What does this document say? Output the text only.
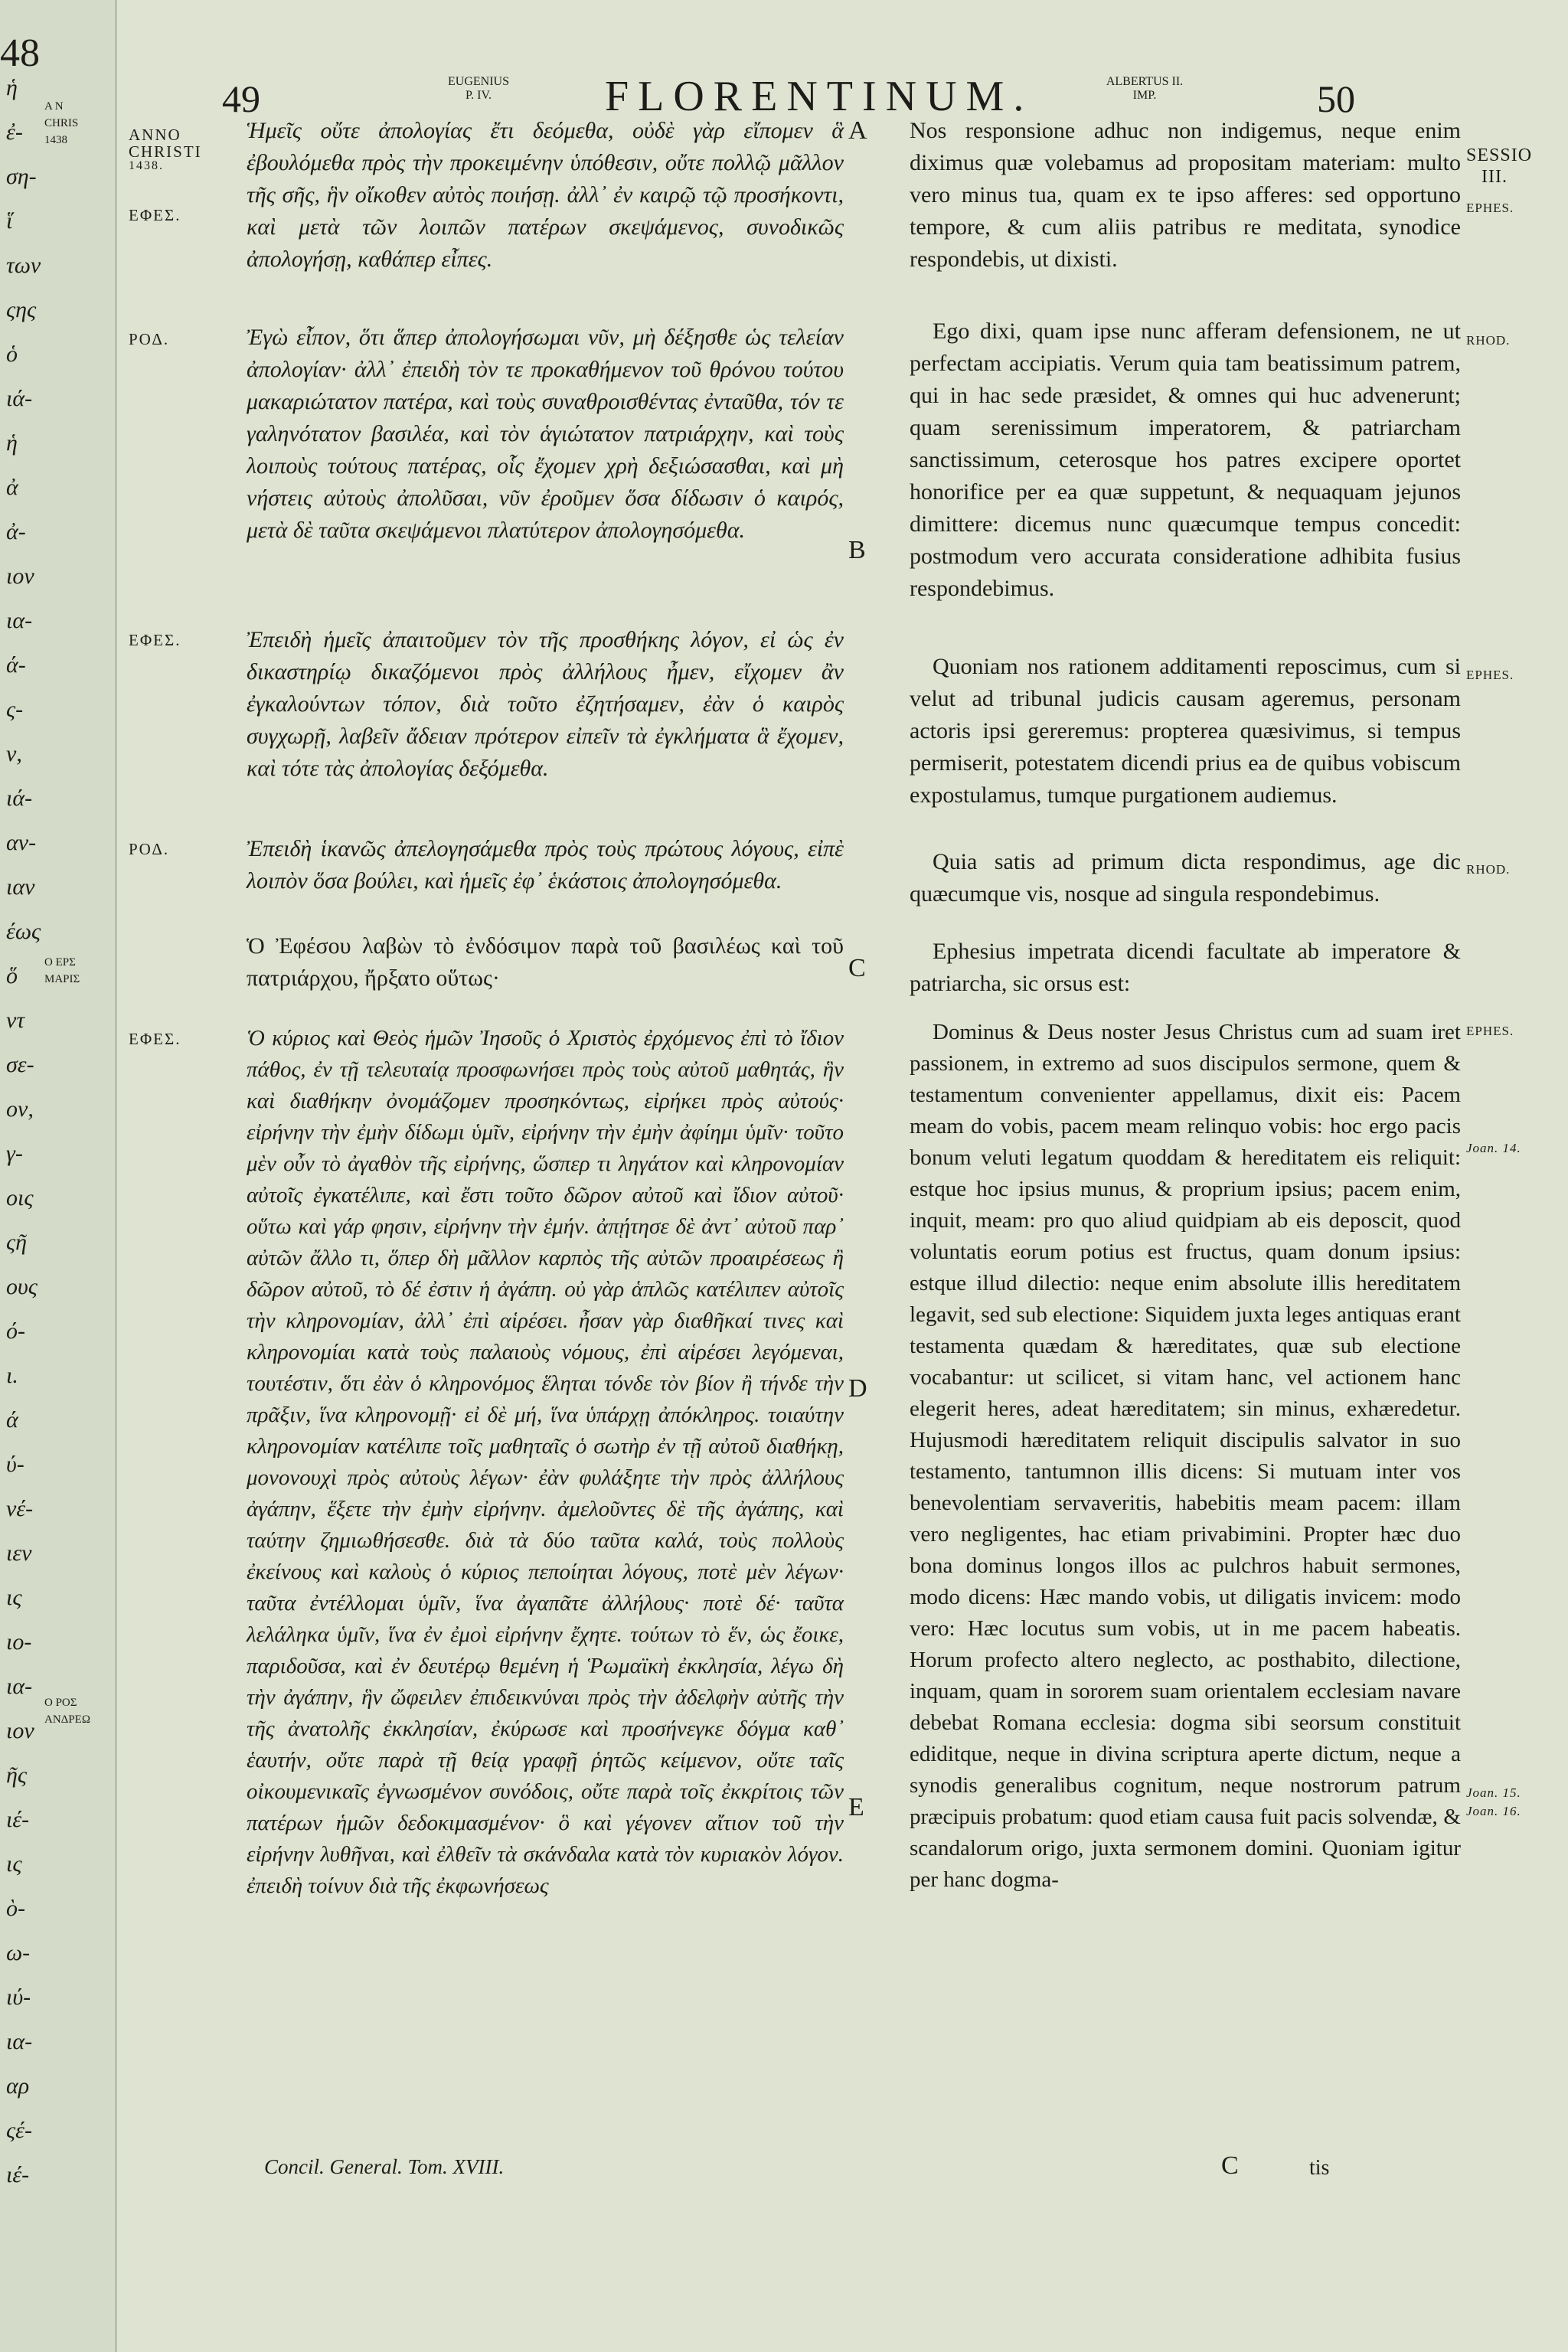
48
ἡ
ἐ-
ση-
ἵ
των
ςης
ὁ
ιά-
ἡ
ἀ
ἀ-
ιον
ια-
ά-
ς-
ν,
ιά-
αν-
ιαν
έως
ὅ
ντ
σε-
ον,
γ-
οις
ςῆ
ους
ό-
ι.
ά
ύ-
νέ-
ιεν
ις
ιο-
ια-
ιον
ῆς
ιέ-
ις
ὸ-
ω-
ιύ-
ια-
αρ
ςέ-
ιέ-
A N
CHRIS
1438
O EPΣ
MAPIΣ
O POΣ
ANΔPEΩ
49	EUGENIUS
P. IV.	FLORENTINUM.	ALBERTUS II.
IMP.	50
ANNO
CHRISTI
1438.
ΕΦΕΣ.
ΡΟΔ.
ΕΦΕΣ.
ΡΟΔ.
ΕΦΕΣ.
A
B
C
D
E
SESSIO
III.
EPHES.
RHOD.
EPHES.
RHOD.
EPHES.
Joan. 14.
Joan. 15.
Joan. 16.

Ἡμεῖς οὔτε ἀπολογίας ἔτι δεόμεθα, οὐδὲ γὰρ εἴπομεν ἃ ἐβουλόμεθα πρὸς τὴν προκειμένην ὑπόθεσιν, οὔτε πολλῷ μᾶλλον τῆς σῆς, ἣν οἴκοθεν αὐτὸς ποιήσῃ. ἀλλ᾽ ἐν καιρῷ τῷ προσήκοντι, καὶ μετὰ τῶν λοιπῶν πατέρων σκεψάμενος, συνοδικῶς ἀπολογήσῃ, καθάπερ εἶπες.

Ἐγὼ εἶπον, ὅτι ἅπερ ἀπολογήσωμαι νῦν, μὴ δέξησθε ὡς τελείαν ἀπολογίαν· ἀλλ᾽ ἐπειδὴ τὸν τε προκαθήμενον τοῦ θρόνου τούτου μακαριώτατον πατέρα, καὶ τοὺς συναθροισθέντας ἐνταῦθα, τόν τε γαληνότατον βασιλέα, καὶ τὸν ἁγιώτατον πατριάρχην, καὶ τοὺς λοιποὺς τούτους πατέρας, οἷς ἔχομεν χρὴ δεξιώσασθαι, καὶ μὴ νήστεις αὐτοὺς ἀπολῦσαι, νῦν ἐροῦμεν ὅσα δίδωσιν ὁ καιρός, μετὰ δὲ ταῦτα σκεψάμενοι πλατύτερον ἀπολογησόμεθα.

Ἐπειδὴ ἡμεῖς ἀπαιτοῦμεν τὸν τῆς προσθήκης λόγον, εἰ ὡς ἐν δικαστηρίῳ δικαζόμενοι πρὸς ἀλλήλους ἦμεν, εἴχομεν ἂν ἐγκαλούντων τόπον, διὰ τοῦτο ἐζητήσαμεν, ἐὰν ὁ καιρὸς συγχωρῇ, λαβεῖν ἄδειαν πρότερον εἰπεῖν τὰ ἐγκλήματα ἃ ἔχομεν, καὶ τότε τὰς ἀπολογίας δεξόμεθα.

Ἐπειδὴ ἱκανῶς ἀπελογησάμεθα πρὸς τοὺς πρώτους λόγους, εἰπὲ λοιπὸν ὅσα βούλει, καὶ ἡμεῖς ἐφ᾽ ἑκάστοις ἀπολογησόμεθα.

Ὁ Ἐφέσου λαβὼν τὸ ἐνδόσιμον παρὰ τοῦ βασιλέως καὶ τοῦ πατριάρχου, ἤρξατο οὕτως·

Ὁ κύριος καὶ Θεὸς ἡμῶν Ἰησοῦς ὁ Χριστὸς ἐρχόμενος ἐπὶ τὸ ἴδιον πάθος, ἐν τῇ τελευταίᾳ προσφωνήσει πρὸς τοὺς αὐτοῦ μαθητάς, ἣν καὶ διαθήκην ὀνομάζομεν προσηκόντως, εἰρήκει πρὸς αὐτούς· εἰρήνην τὴν ἐμὴν δίδωμι ὑμῖν, εἰρήνην τὴν ἐμὴν ἀφίημι ὑμῖν· τοῦτο μὲν οὖν τὸ ἀγαθὸν τῆς εἰρήνης, ὥσπερ τι ληγάτον καὶ κληρονομίαν αὐτοῖς ἐγκατέλιπε, καὶ ἔστι τοῦτο δῶρον αὐτοῦ καὶ ἴδιον αὐτοῦ· οὕτω καὶ γάρ φησιν, εἰρήνην τὴν ἐμήν. ἀπῄτησε δὲ ἀντ᾽ αὐτοῦ παρ᾽ αὐτῶν ἄλλο τι, ὅπερ δὴ μᾶλλον καρπὸς τῆς αὐτῶν προαιρέσεως ἢ δῶρον αὐτοῦ, τὸ δέ ἐστιν ἡ ἀγάπη. οὐ γὰρ ἁπλῶς κατέλιπεν αὐτοῖς τὴν κληρονομίαν, ἀλλ᾽ ἐπὶ αἱρέσει. ἦσαν γὰρ διαθῆκαί τινες καὶ κληρονομίαι κατὰ τοὺς παλαιοὺς νόμους, ἐπὶ αἱρέσει λεγόμεναι, τουτέστιν, ὅτι ἐὰν ὁ κληρονόμος ἕληται τόνδε τὸν βίον ἢ τήνδε τὴν πρᾶξιν, ἵνα κληρονομῇ· εἰ δὲ μή, ἵνα ὑπάρχῃ ἀπόκληρος. τοιαύτην κληρονομίαν κατέλιπε τοῖς μαθηταῖς ὁ σωτὴρ ἐν τῇ αὐτοῦ διαθήκῃ, μονονουχὶ πρὸς αὐτοὺς λέγων· ἐὰν φυλάξητε τὴν πρὸς ἀλλήλους ἀγάπην, ἕξετε τὴν ἐμὴν εἰρήνην. ἀμελοῦντες δὲ τῆς ἀγάπης, καὶ ταύτην ζημιωθήσεσθε. διὰ τὰ δύο ταῦτα καλά, τοὺς πολλοὺς ἐκείνους καὶ καλοὺς ὁ κύριος πεποίηται λόγους, ποτὲ μὲν λέγων· ταῦτα ἐντέλλομαι ὑμῖν, ἵνα ἀγαπᾶτε ἀλλήλους· ποτὲ δέ· ταῦτα λελάληκα ὑμῖν, ἵνα ἐν ἐμοὶ εἰρήνην ἔχητε. τούτων τὸ ἕν, ὡς ἔοικε, παριδοῦσα, καὶ ἐν δευτέρῳ θεμένη ἡ Ῥωμαϊκὴ ἐκκλησία, λέγω δὴ τὴν ἀγάπην, ἣν ὤφειλεν ἐπιδεικνύναι πρὸς τὴν ἀδελφὴν αὐτῆς τὴν τῆς ἀνατολῆς ἐκκλησίαν, ἐκύρωσε καὶ προσήνεγκε δόγμα καθ᾽ ἑαυτήν, οὔτε παρὰ τῇ θείᾳ γραφῇ ῥητῶς κείμενον, οὔτε ταῖς οἰκουμενικαῖς ἐγνωσμένον συνόδοις, οὔτε παρὰ τοῖς ἐκκρίτοις τῶν πατέρων ἡμῶν δεδοκιμασμένον· ὃ καὶ γέγονεν αἴτιον τοῦ τὴν εἰρήνην λυθῆναι, καὶ ἐλθεῖν τὰ σκάνδαλα κατὰ τὸν κυριακὸν λόγον. ἐπειδὴ τοίνυν διὰ τῆς ἐκφωνήσεως

Nos responsione adhuc non indigemus, neque enim diximus quæ volebamus ad propositam materiam: multo vero minus tua, quam ex te ipso afferes: sed opportuno tempore, & cum aliis patribus re meditata, synodice respondebis, ut dixisti.

Ego dixi, quam ipse nunc afferam defensionem, ne ut perfectam accipiatis. Verum quia tam beatissimum patrem, qui in hac sede præsidet, & omnes qui huc advenerunt; quam serenissimum imperatorem, & patriarcham sanctissimum, ceterosque hos patres excipere oportet honorifice per ea quæ suppetunt, & nequaquam jejunos dimittere: dicemus nunc quæcumque tempus concedit: postmodum vero accurata consideratione adhibita fusius respondebimus.

Quoniam nos rationem additamenti reposcimus, cum si velut ad tribunal judicis causam ageremus, personam actoris ipsi gereremus: propterea quæsivimus, si tempus permiserit, potestatem dicendi prius ea de quibus vobiscum expostulamus, tumque purgationem audiemus.

Quia satis ad primum dicta respondimus, age dic quæcumque vis, nosque ad singula respondebimus.

Ephesius impetrata dicendi facultate ab imperatore & patriarcha, sic orsus est:

Dominus & Deus noster Jesus Christus cum ad suam iret passionem, in extremo ad suos discipulos sermone, quem & testamentum convenienter appellamus, dixit eis: Pacem meam do vobis, pacem meam relinquo vobis: hoc ergo pacis bonum veluti legatum quoddam & hereditatem eis reliquit: estque hoc ipsius munus, & proprium ipsius; pacem enim, inquit, meam: pro quo aliud quidpiam ab eis deposcit, quod voluntatis eorum potius est fructus, quam donum ipsius: estque illud dilectio: neque enim absolute illis hereditatem legavit, sed sub electione: Siquidem juxta leges antiquas erant testamenta quædam & hæreditates, quæ sub electione vocabantur: ut scilicet, si vitam hanc, vel actionem hanc elegerit heres, adeat hæreditatem; sin minus, exhæredetur. Hujusmodi hæreditatem reliquit discipulis salvator in suo testamento, tantumnon illis dicens: Si mutuam inter vos benevolentiam servaveritis, habebitis meam pacem: illam vero negligentes, hac etiam privabimini. Propter hæc duo bona dominus longos illos ac pulchros habuit sermones, modo dicens: Hæc mando vobis, ut diligatis invicem: modo vero: Hæc locutus sum vobis, ut in me pacem habeatis. Horum profecto altero neglecto, ac posthabito, dilectione, inquam, quam in sororem suam orientalem ecclesiam navare debebat Romana ecclesia: dogma sibi seorsum constituit ediditque, neque in divina scriptura aperte dictum, neque a synodis generalibus cognitum, neque nostrorum patrum præcipuis probatum: quod etiam causa fuit pacis solvendæ, & scandalorum origo, juxta sermonem domini. Quoniam igitur per hanc dogma-

Concil. General. Tom. XVIII.	C	tis
